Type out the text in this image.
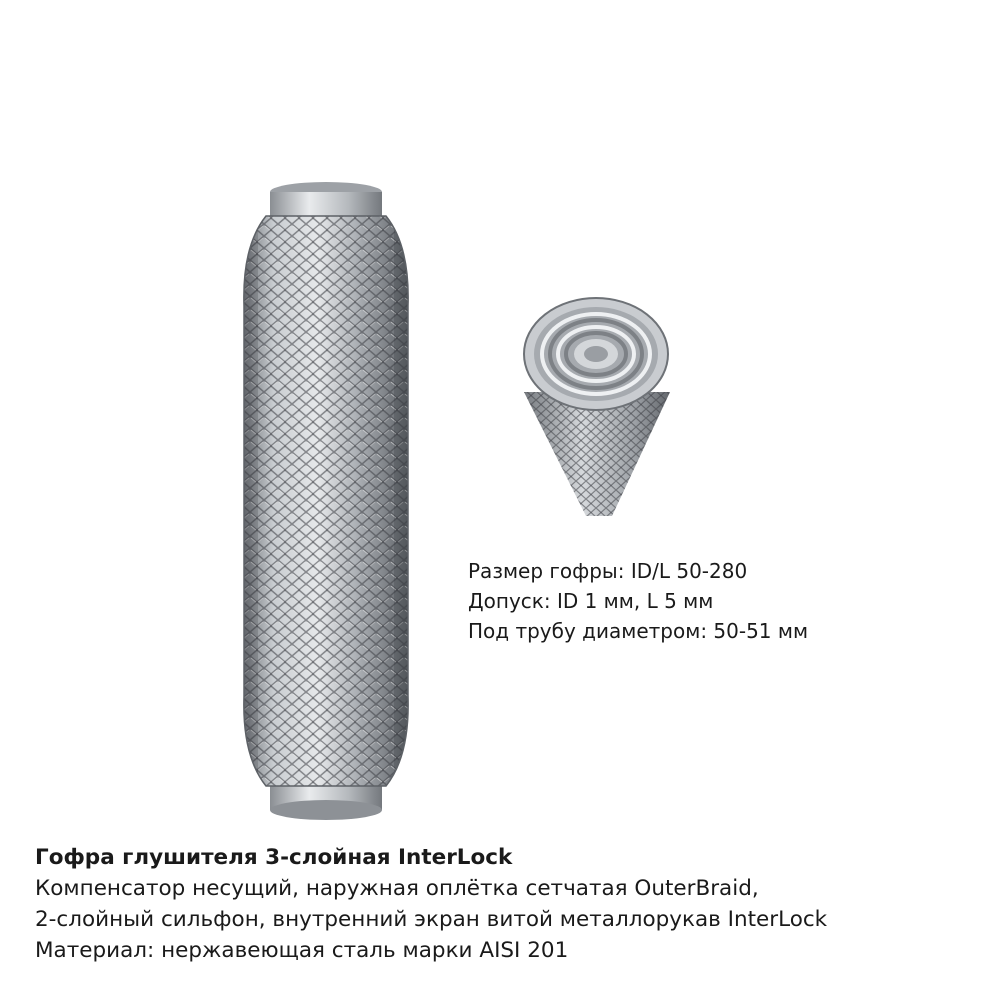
Размер гофры: ID/L 50-280
Допуск: ID 1 мм, L 5 мм
Под трубу диаметром: 50-51 мм
Гофра глушителя 3-слойная InterLock
Компенсатор несущий, наружная оплётка сетчатая OuterBraid,
2-слойный сильфон, внутренний экран витой металлорукав InterLock
Материал: нержавеющая сталь марки AISI 201
